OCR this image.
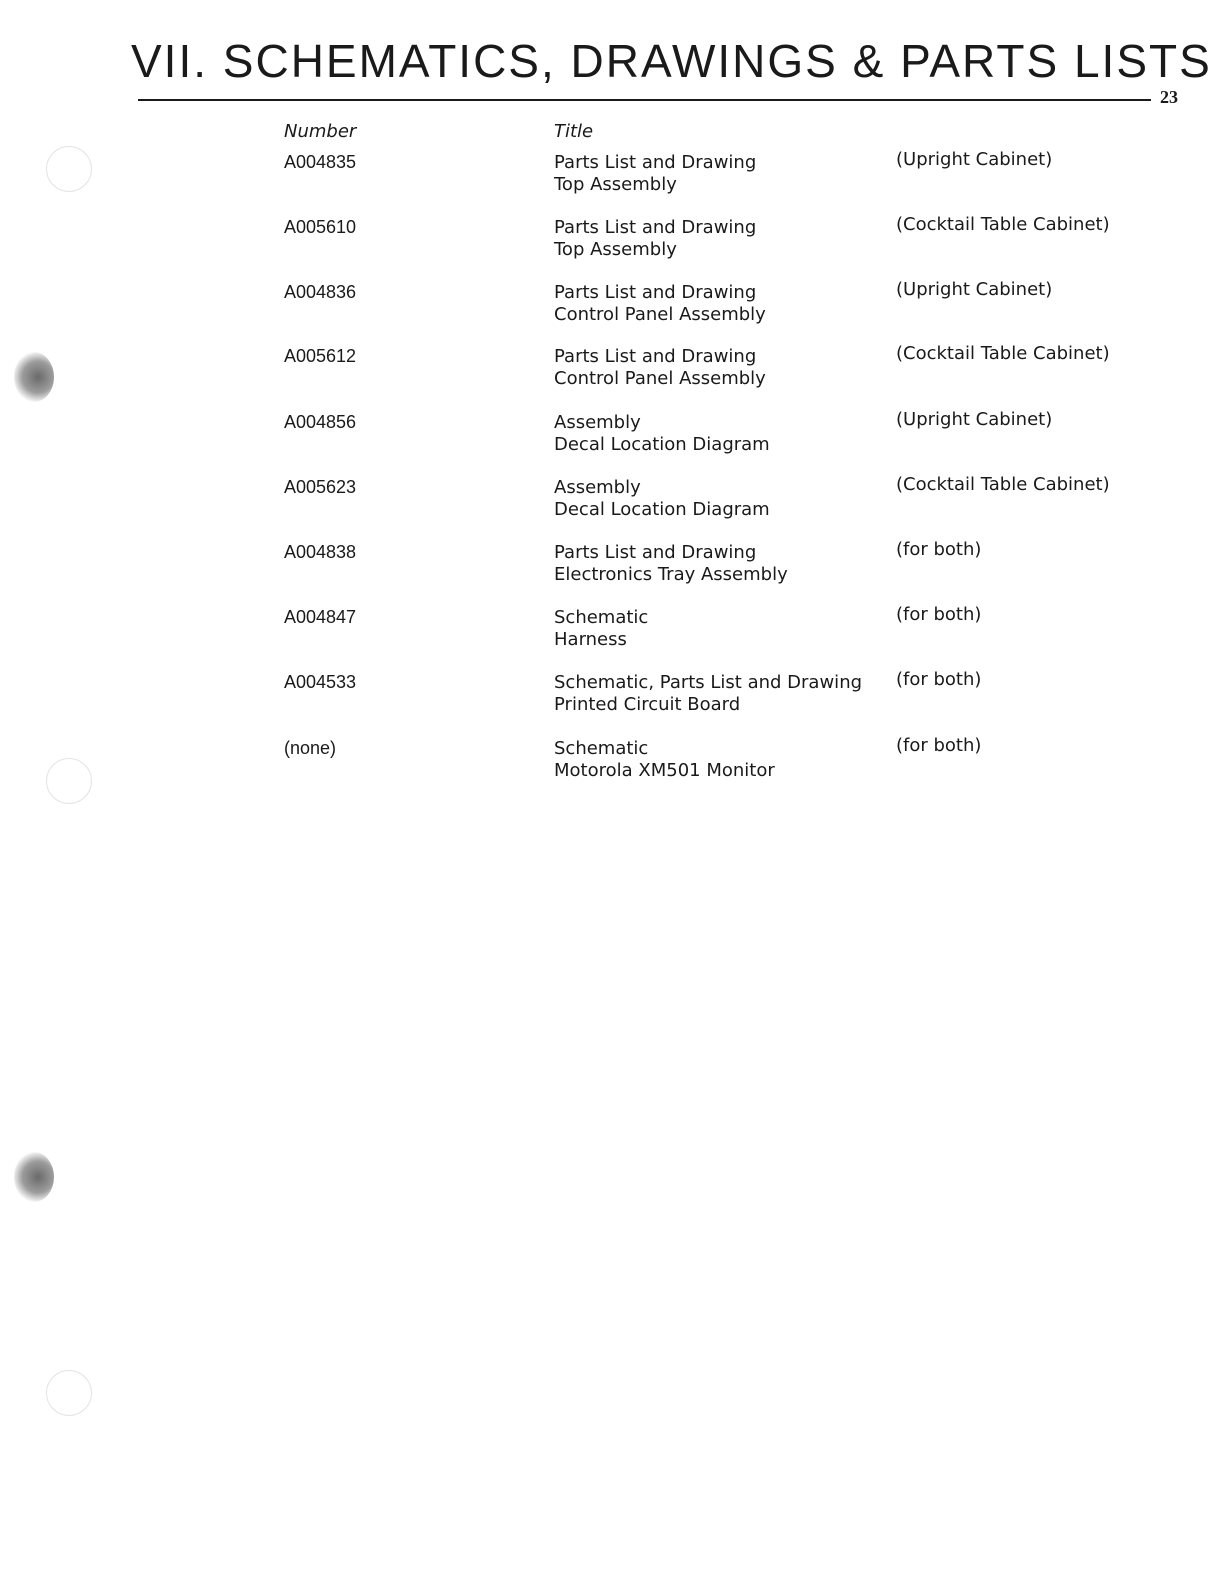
VII. SCHEMATICS, DRAWINGS & PARTS LISTS
23
Number	Title
A004835	Parts List and Drawing
Top Assembly
(Upright Cabinet)
A005610	Parts List and Drawing
Top Assembly
(Cocktail Table Cabinet)
A004836	Parts List and Drawing
Control Panel Assembly
(Upright Cabinet)
A005612	Parts List and Drawing
Control Panel Assembly
(Cocktail Table Cabinet)
A004856	Assembly
Decal Location Diagram
(Upright Cabinet)
A005623	Assembly
Decal Location Diagram
(Cocktail Table Cabinet)
A004838	Parts List and Drawing
Electronics Tray Assembly
(for both)
A004847	Schematic
Harness
(for both)
A004533	Schematic, Parts List and Drawing
Printed Circuit Board
(for both)
(none)	Schematic
Motorola XM501 Monitor
(for both)
